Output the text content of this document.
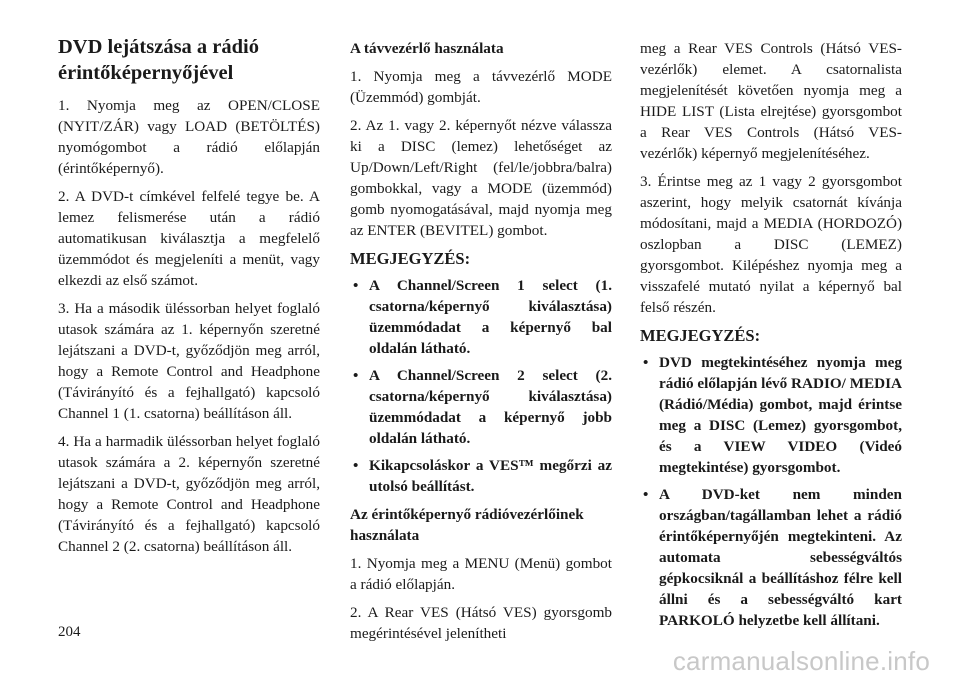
DVD lejátszása a rádió érintőképernyőjével

1. Nyomja meg az OPEN/CLOSE (NYIT/ZÁR) vagy LOAD (BETÖLTÉS) nyomógombot a rádió előlapján (érintőképernyő).

2. A DVD-t címkével felfelé tegye be. A lemez felismerése után a rádió automatikusan kiválasztja a megfelelő üzemmódot és megjeleníti a menüt, vagy elkezdi az első számot.

3. Ha a második üléssorban helyet foglaló utasok számára az 1. képernyőn szeretné lejátszani a DVD-t, győződjön meg arról, hogy a Remote Control and Headphone (Távirányító és a fejhallgató) kapcsoló Channel 1 (1. csatorna) beállításon áll.

4. Ha a harmadik üléssorban helyet foglaló utasok számára a 2. képernyőn szeretné lejátszani a DVD-t, győződjön meg arról, hogy a Remote Control and Headphone (Távirányító és a fejhallgató) kapcsoló Channel 2 (2. csatorna) beállításon áll.

A távvezérlő használata

1. Nyomja meg a távvezérlő MODE (Üzemmód) gombját.

2. Az 1. vagy 2. képernyőt nézve válassza ki a DISC (lemez) lehetőséget az Up/Down/Left/Right (fel/le/jobbra/balra) gombokkal, vagy a MODE (üzemmód) gomb nyomogatásával, majd nyomja meg az ENTER (BEVITEL) gombot.

MEGJEGYZÉS:
• A Channel/Screen 1 select (1. csatorna/képernyő kiválasztása) üzemmódadat a képernyő bal oldalán látható.
• A Channel/Screen 2 select (2. csatorna/képernyő kiválasztása) üzemmódadat a képernyő jobb oldalán látható.
• Kikapcsoláskor a VES™ megőrzi az utolsó beállítást.
Az érintőképernyő rádióvezérlőinek használata

1. Nyomja meg a MENU (Menü) gombot a rádió előlapján.

2. A Rear VES (Hátsó VES) gyorsgomb megérintésével jelenítheti

meg a Rear VES Controls (Hátsó VES-vezérlők) elemet. A csatornalista megjelenítését követően nyomja meg a HIDE LIST (Lista elrejtése) gyorsgombot a Rear VES Controls (Hátsó VES-vezérlők) képernyő megjelenítéséhez.

3. Érintse meg az 1 vagy 2 gyorsgombot aszerint, hogy melyik csatornát kívánja módosítani, majd a MEDIA (HORDOZÓ) oszlopban a DISC (LEMEZ) gyorsgombot. Kilépéshez nyomja meg a visszafelé mutató nyilat a képernyő bal felső részén.

MEGJEGYZÉS:
• DVD megtekintéséhez nyomja meg rádió előlapján lévő RADIO/ MEDIA (Rádió/Média) gombot, majd érintse meg a DISC (Lemez) gyorsgombot, és a VIEW VIDEO (Videó megtekintése) gyorsgombot.
• A DVD-ket nem minden országban/tagállamban lehet a rádió érintőképernyőjén megtekinteni. Az automata sebességváltós gépkocsiknál a beállításhoz félre kell állni és a sebességváltó kart PARKOLÓ helyzetbe kell állítani.
204
carmanualsonline.info
